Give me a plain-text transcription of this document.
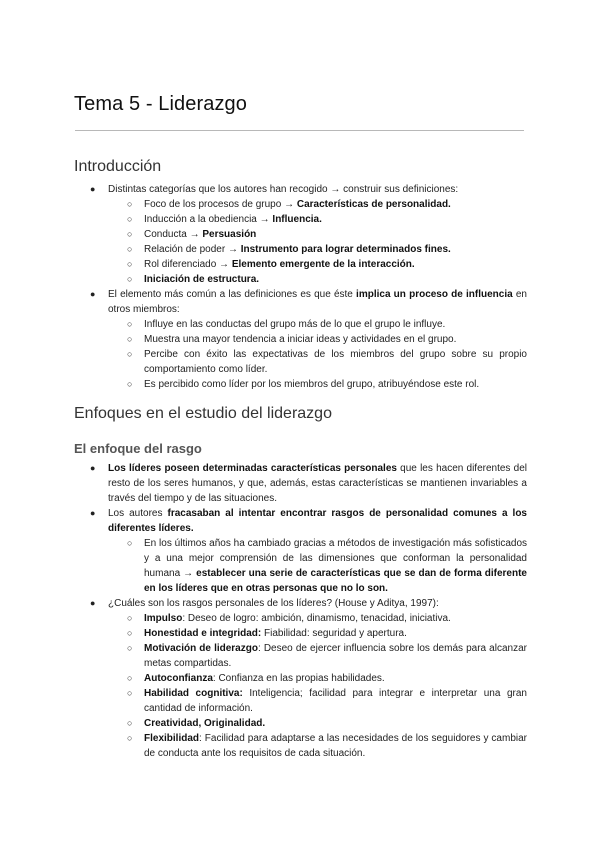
Tema 5 - Liderazgo
Introducción
● Distintas categorías que los autores han recogido → construir sus definiciones:
○ Foco de los procesos de grupo → Características de personalidad.
○ Inducción a la obediencia → Influencia.
○ Conducta → Persuasión
○ Relación de poder → Instrumento para lograr determinados fines.
○ Rol diferenciado → Elemento emergente de la interacción.
○ Iniciación de estructura.
● El elemento más común a las definiciones es que éste implica un proceso de influencia en otros miembros:
○ Influye en las conductas del grupo más de lo que el grupo le influye.
○ Muestra una mayor tendencia a iniciar ideas y actividades en el grupo.
○ Percibe con éxito las expectativas de los miembros del grupo sobre su propio comportamiento como líder.
○ Es percibido como líder por los miembros del grupo, atribuyéndose este rol.
Enfoques en el estudio del liderazgo
El enfoque del rasgo
● Los líderes poseen determinadas características personales que les hacen diferentes del resto de los seres humanos, y que, además, estas características se mantienen invariables a través del tiempo y de las situaciones.
● Los autores fracasaban al intentar encontrar rasgos de personalidad comunes a los diferentes líderes.
○ En los últimos años ha cambiado gracias a métodos de investigación más sofisticados y a una mejor comprensión de las dimensiones que conforman la personalidad humana → establecer una serie de características que se dan de forma diferente en los líderes que en otras personas que no lo son.
● ¿Cuáles son los rasgos personales de los líderes? (House y Aditya, 1997):
○ Impulso: Deseo de logro: ambición, dinamismo, tenacidad, iniciativa.
○ Honestidad e integridad: Fiabilidad: seguridad y apertura.
○ Motivación de liderazgo: Deseo de ejercer influencia sobre los demás para alcanzar metas compartidas.
○ Autoconfianza: Confianza en las propias habilidades.
○ Habilidad cognitiva: Inteligencia; facilidad para integrar e interpretar una gran cantidad de información.
○ Creatividad, Originalidad.
○ Flexibilidad: Facilidad para adaptarse a las necesidades de los seguidores y cambiar de conducta ante los requisitos de cada situación.
